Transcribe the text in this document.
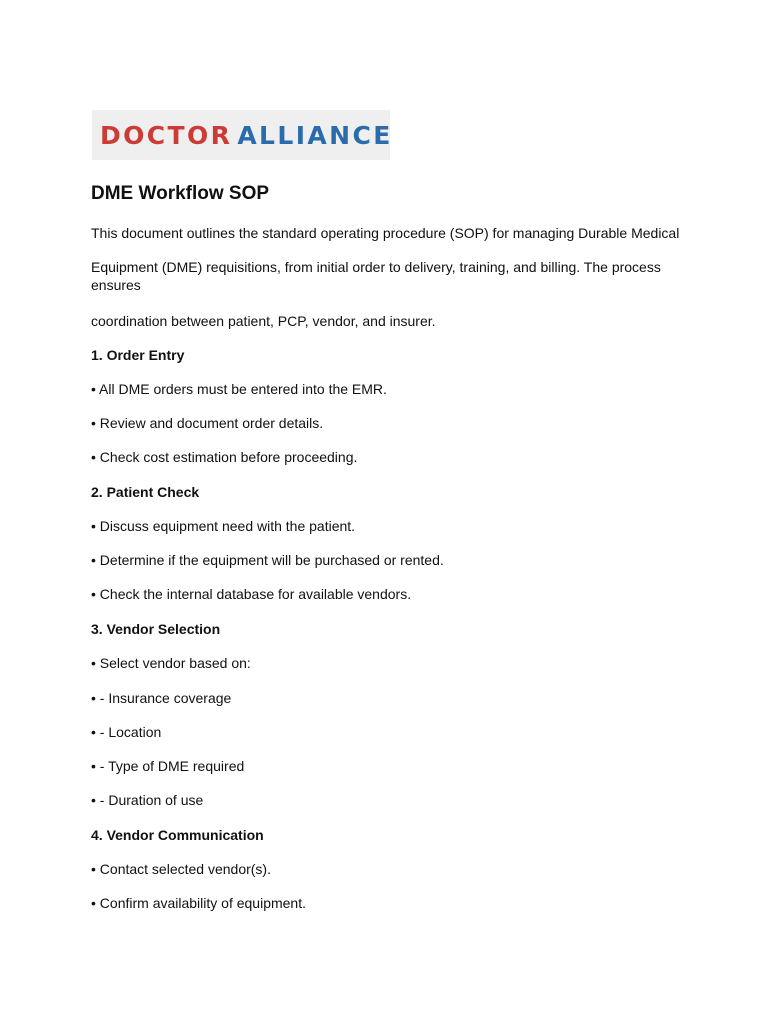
DOCTOR ALLIANCE
DME Workflow SOP

This document outlines the standard operating procedure (SOP) for managing Durable Medical

Equipment (DME) requisitions, from initial order to delivery, training, and billing. The process ensures

coordination between patient, PCP, vendor, and insurer.

1. Order Entry

• All DME orders must be entered into the EMR.

• Review and document order details.

• Check cost estimation before proceeding.

2. Patient Check

• Discuss equipment need with the patient.

• Determine if the equipment will be purchased or rented.

• Check the internal database for available vendors.

3. Vendor Selection

• Select vendor based on:

• - Insurance coverage

• - Location

• - Type of DME required

• - Duration of use

4. Vendor Communication

• Contact selected vendor(s).

• Confirm availability of equipment.
